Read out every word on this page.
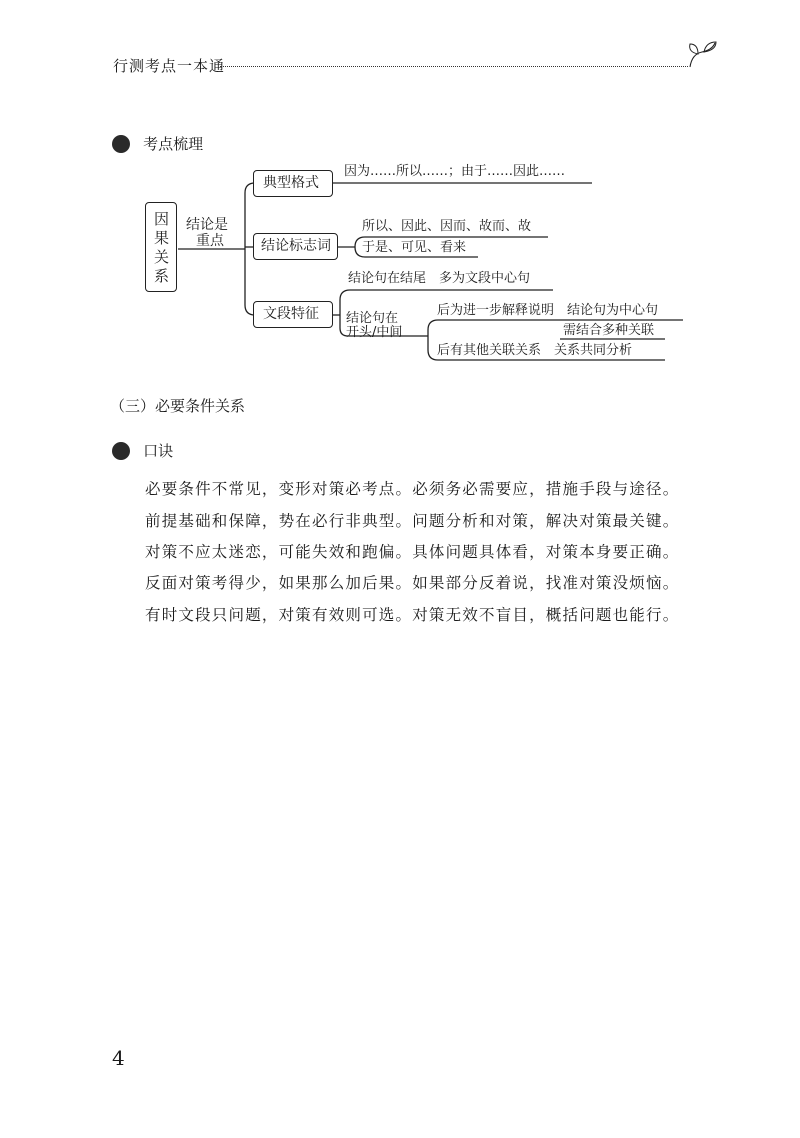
行测考点一本通
考点梳理
因
果
关
系
结论是
重点
典型格式
因为……所以……；由于……因此……
结论标志词
所以、因此、因而、故而、故
于是、可见、看来
文段特征
结论句在结尾　多为文段中心句
结论句在
开头/中间
后为进一步解释说明　结论句为中心句
需结合多种关联
后有其他关联关系　关系共同分析
（三）必要条件关系
口诀
必要条件不常见，变形对策必考点。必须务必需要应，措施手段与途径。
前提基础和保障，势在必行非典型。问题分析和对策，解决对策最关键。
对策不应太迷恋，可能失效和跑偏。具体问题具体看，对策本身要正确。
反面对策考得少，如果那么加后果。如果部分反着说，找准对策没烦恼。
有时文段只问题，对策有效则可选。对策无效不盲目，概括问题也能行。
4
